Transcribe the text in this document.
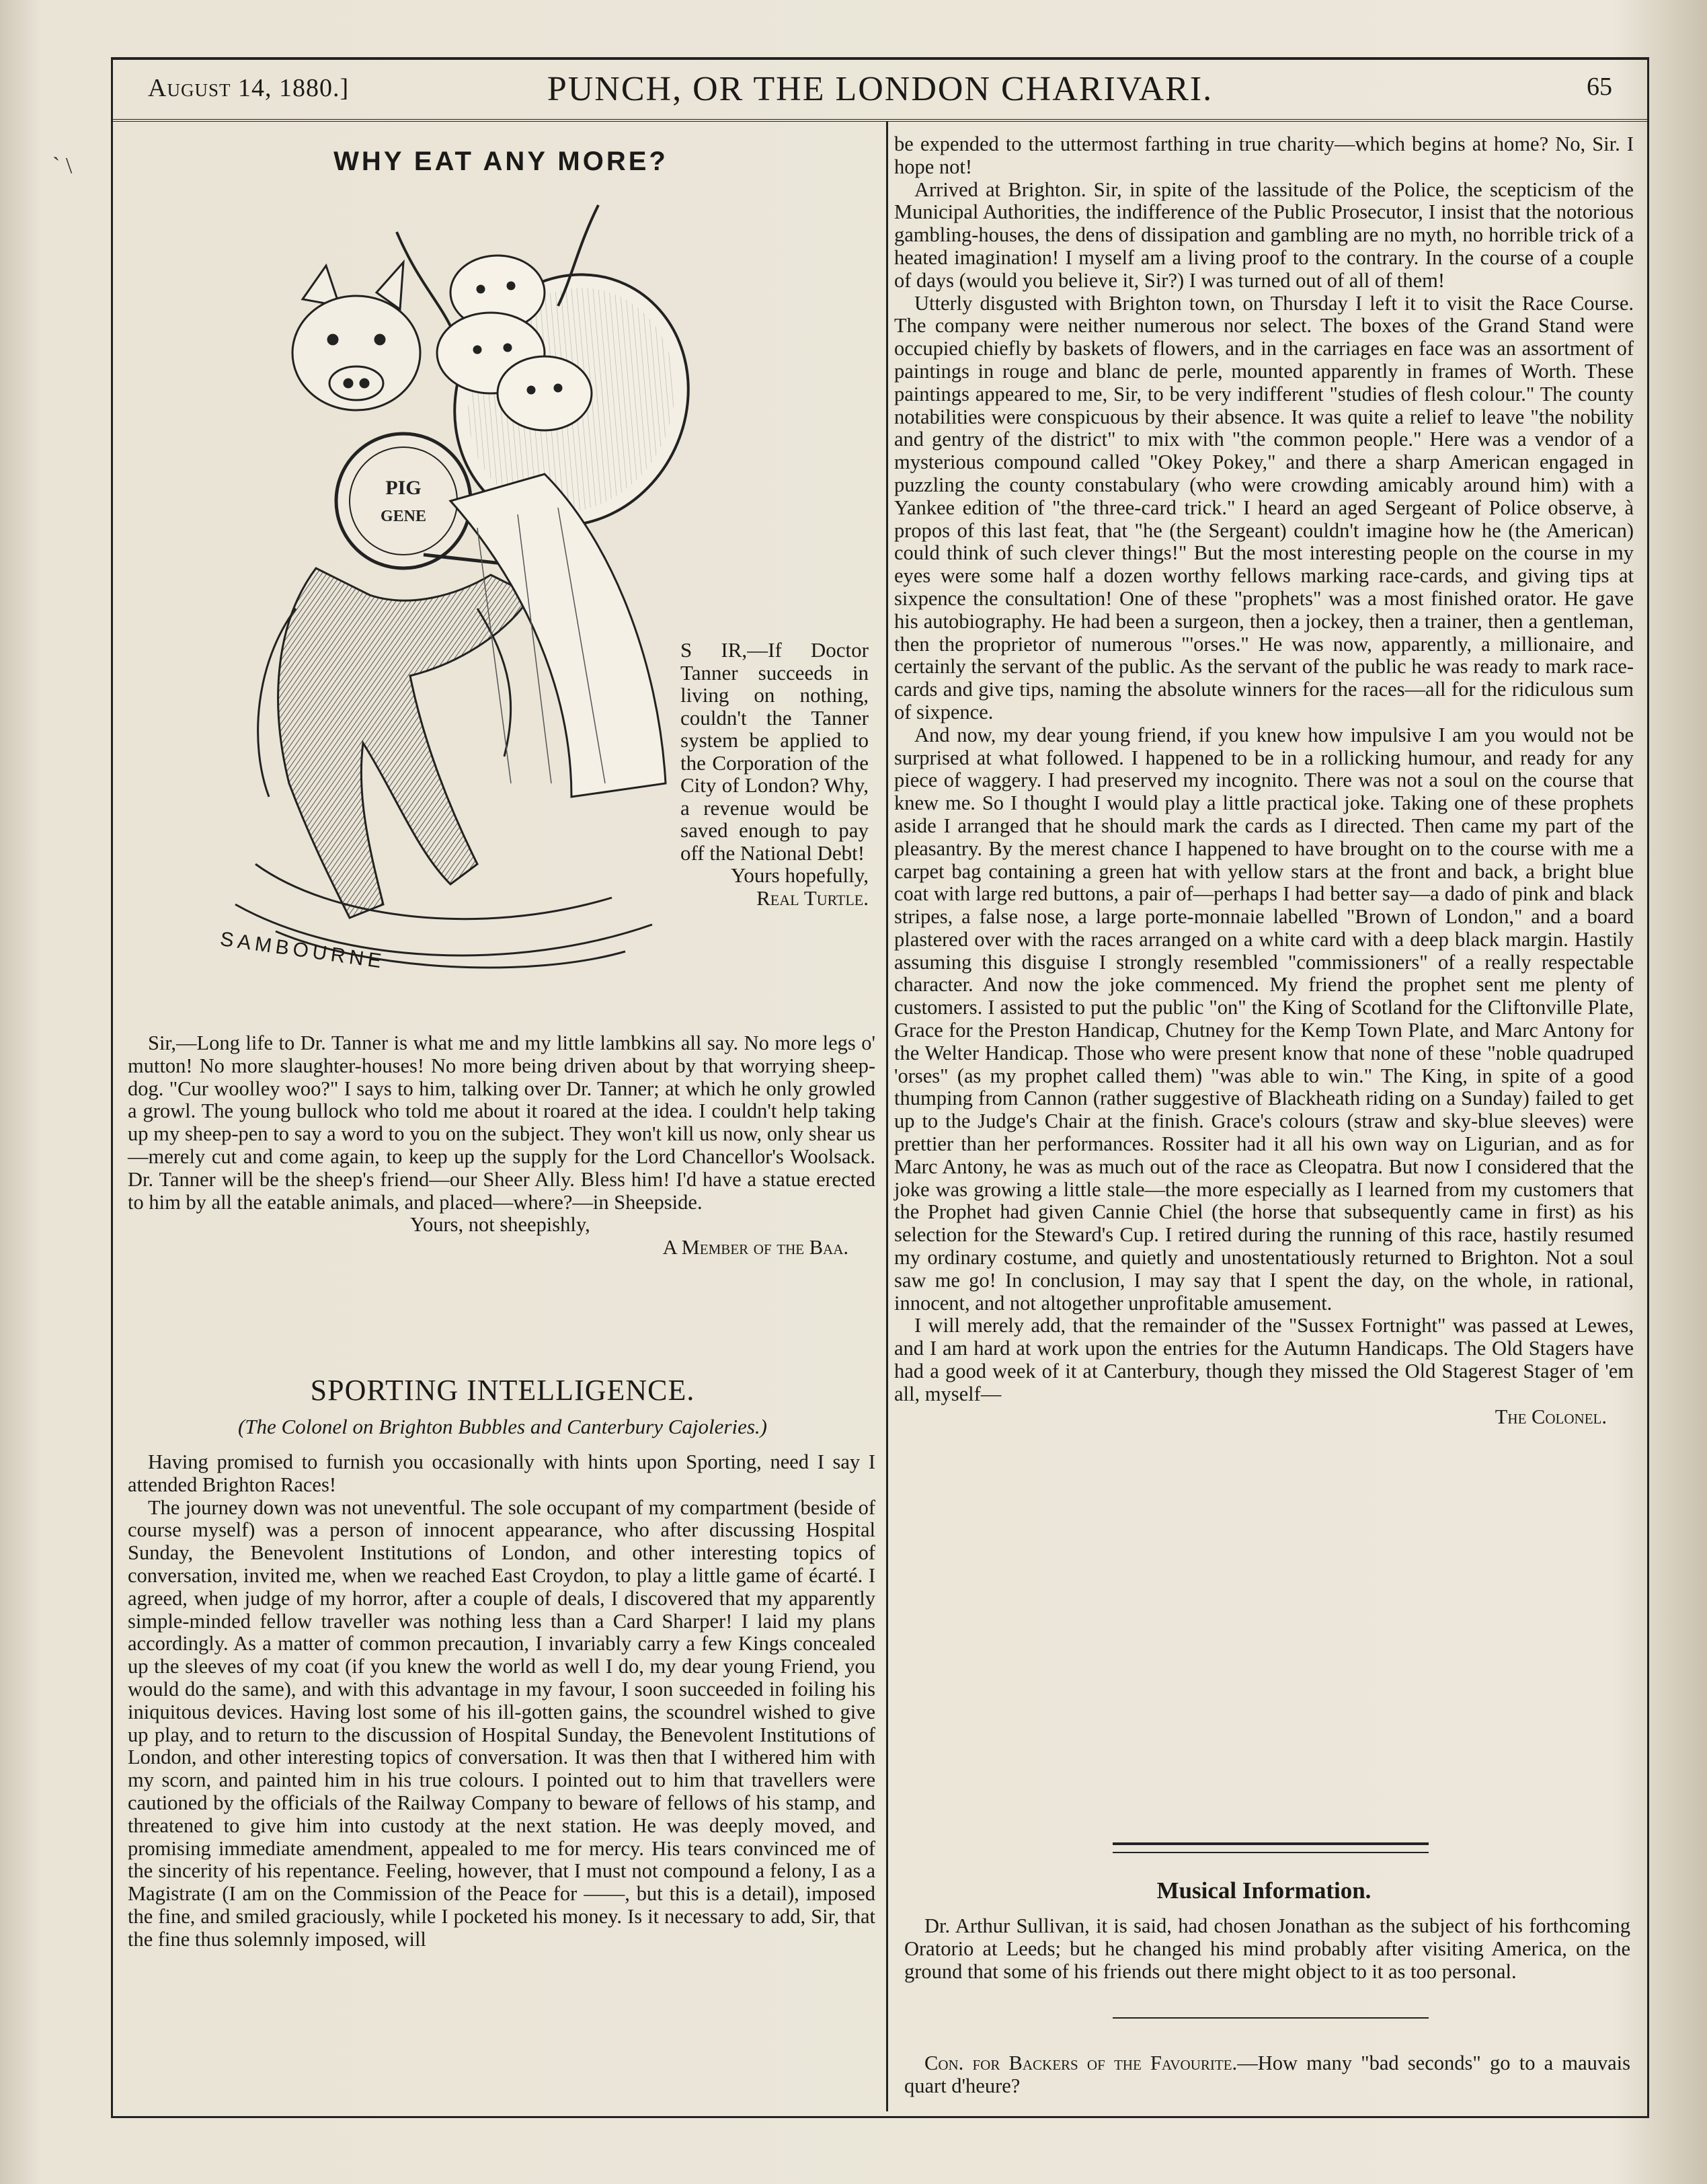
` \
August 14, 1880.]	PUNCH, OR THE LONDON CHARIVARI.	65
WHY EAT ANY MORE?
PIG
GENE
SAMBOURNE
S IR,—If Doctor Tanner succeeds in living on nothing, couldn't the Tanner system be applied to the Corporation of the City of London? Why, a revenue would be saved enough to pay off the National Debt!
Yours hopefully,
Real Turtle.

Sir,—Long life to Dr. Tanner is what me and my little lambkins all say. No more legs o' mutton! No more slaughter-houses! No more being driven about by that worrying sheep-dog. "Cur woolley woo?" I says to him, talking over Dr. Tanner; at which he only growled a growl. The young bullock who told me about it roared at the idea. I couldn't help taking up my sheep-pen to say a word to you on the subject. They won't kill us now, only shear us—merely cut and come again, to keep up the supply for the Lord Chancellor's Woolsack. Dr. Tanner will be the sheep's friend—our Sheer Ally. Bless him! I'd have a statue erected to him by all the eatable animals, and placed—where?—in Sheepside.

Yours, not sheepishly,
A Member of the Baa.
SPORTING INTELLIGENCE.
(The Colonel on Brighton Bubbles and Canterbury Cajoleries.)

Having promised to furnish you occasionally with hints upon Sporting, need I say I attended Brighton Races!

The journey down was not uneventful. The sole occupant of my compartment (beside of course myself) was a person of innocent appearance, who after discussing Hospital Sunday, the Benevolent Institutions of London, and other interesting topics of conversation, invited me, when we reached East Croydon, to play a little game of écarté. I agreed, when judge of my horror, after a couple of deals, I discovered that my apparently simple-minded fellow traveller was nothing less than a Card Sharper! I laid my plans accordingly. As a matter of common precaution, I invariably carry a few Kings concealed up the sleeves of my coat (if you knew the world as well I do, my dear young Friend, you would do the same), and with this advantage in my favour, I soon succeeded in foiling his iniquitous devices. Having lost some of his ill-gotten gains, the scoundrel wished to give up play, and to return to the discussion of Hospital Sunday, the Benevolent Institutions of London, and other interesting topics of conversation. It was then that I withered him with my scorn, and painted him in his true colours. I pointed out to him that travellers were cautioned by the officials of the Railway Company to beware of fellows of his stamp, and threatened to give him into custody at the next station. He was deeply moved, and promising immediate amendment, appealed to me for mercy. His tears convinced me of the sincerity of his repentance. Feeling, however, that I must not compound a felony, I as a Magistrate (I am on the Commission of the Peace for ——, but this is a detail), imposed the fine, and smiled graciously, while I pocketed his money. Is it necessary to add, Sir, that the fine thus solemnly imposed, will

be expended to the uttermost farthing in true charity—which begins at home? No, Sir. I hope not!

Arrived at Brighton. Sir, in spite of the lassitude of the Police, the scepticism of the Municipal Authorities, the indifference of the Public Prosecutor, I insist that the notorious gambling-houses, the dens of dissipation and gambling are no myth, no horrible trick of a heated imagination! I myself am a living proof to the contrary. In the course of a couple of days (would you believe it, Sir?) I was turned out of all of them!

Utterly disgusted with Brighton town, on Thursday I left it to visit the Race Course. The company were neither numerous nor select. The boxes of the Grand Stand were occupied chiefly by baskets of flowers, and in the carriages en face was an assortment of paintings in rouge and blanc de perle, mounted apparently in frames of Worth. These paintings appeared to me, Sir, to be very indifferent "studies of flesh colour." The county notabilities were conspicuous by their absence. It was quite a relief to leave "the nobility and gentry of the district" to mix with "the common people." Here was a vendor of a mysterious compound called "Okey Pokey," and there a sharp American engaged in puzzling the county constabulary (who were crowding amicably around him) with a Yankee edition of "the three-card trick." I heard an aged Sergeant of Police observe, à propos of this last feat, that "he (the Sergeant) couldn't imagine how he (the American) could think of such clever things!" But the most interesting people on the course in my eyes were some half a dozen worthy fellows marking race-cards, and giving tips at sixpence the consultation! One of these "prophets" was a most finished orator. He gave his autobiography. He had been a surgeon, then a jockey, then a trainer, then a gentleman, then the proprietor of numerous "'orses." He was now, apparently, a millionaire, and certainly the servant of the public. As the servant of the public he was ready to mark race-cards and give tips, naming the absolute winners for the races—all for the ridiculous sum of sixpence.

And now, my dear young friend, if you knew how impulsive I am you would not be surprised at what followed. I happened to be in a rollicking humour, and ready for any piece of waggery. I had preserved my incognito. There was not a soul on the course that knew me. So I thought I would play a little practical joke. Taking one of these prophets aside I arranged that he should mark the cards as I directed. Then came my part of the pleasantry. By the merest chance I happened to have brought on to the course with me a carpet bag containing a green hat with yellow stars at the front and back, a bright blue coat with large red buttons, a pair of—perhaps I had better say—a dado of pink and black stripes, a false nose, a large porte-monnaie labelled "Brown of London," and a board plastered over with the races arranged on a white card with a deep black margin. Hastily assuming this disguise I strongly resembled "commissioners" of a really respectable character. And now the joke commenced. My friend the prophet sent me plenty of customers. I assisted to put the public "on" the King of Scotland for the Cliftonville Plate, Grace for the Preston Handicap, Chutney for the Kemp Town Plate, and Marc Antony for the Welter Handicap. Those who were present know that none of these "noble quadruped 'orses" (as my prophet called them) "was able to win." The King, in spite of a good thumping from Cannon (rather suggestive of Blackheath riding on a Sunday) failed to get up to the Judge's Chair at the finish. Grace's colours (straw and sky-blue sleeves) were prettier than her performances. Rossiter had it all his own way on Ligurian, and as for Marc Antony, he was as much out of the race as Cleopatra. But now I considered that the joke was growing a little stale—the more especially as I learned from my customers that the Prophet had given Cannie Chiel (the horse that subsequently came in first) as his selection for the Steward's Cup. I retired during the running of this race, hastily resumed my ordinary costume, and quietly and unostentatiously returned to Brighton. Not a soul saw me go! In conclusion, I may say that I spent the day, on the whole, in rational, innocent, and not altogether unprofitable amusement.

I will merely add, that the remainder of the "Sussex Fortnight" was passed at Lewes, and I am hard at work upon the entries for the Autumn Handicaps. The Old Stagers have had a good week of it at Canterbury, though they missed the Old Stagerest Stager of 'em all, myself—

The Colonel.
Musical Information.

Dr. Arthur Sullivan, it is said, had chosen Jonathan as the subject of his forthcoming Oratorio at Leeds; but he changed his mind probably after visiting America, on the ground that some of his friends out there might object to it as too personal.

Con. for Backers of the Favourite.—How many "bad seconds" go to a mauvais quart d'heure?
